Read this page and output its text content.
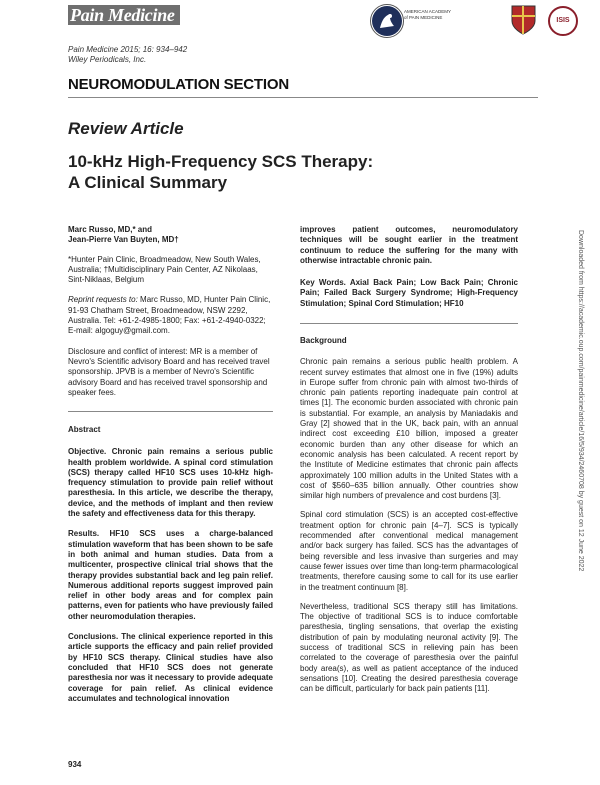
Pain Medicine	AMERICAN ACADEMY of PAIN MEDICINE	ISIS
Pain Medicine 2015; 16: 934–942
Wiley Periodicals, Inc.
NEUROMODULATION SECTION
Review Article
10-kHz High-Frequency SCS Therapy:
A Clinical Summary

Marc Russo, MD,* and

Jean-Pierre Van Buyten, MD†

*Hunter Pain Clinic, Broadmeadow, New South Wales, Australia; †Multidisciplinary Pain Center, AZ Nikolaas, Sint-Niklaas, Belgium

Reprint requests to: Marc Russo, MD, Hunter Pain Clinic, 91-93 Chatham Street, Broadmeadow, NSW 2292, Australia. Tel: +61-2-4985-1800; Fax: +61-2-4940-0322; E-mail: algoguy@gmail.com.

Disclosure and conflict of interest: MR is a member of Nevro's Scientific advisory Board and has received travel sponsorship. JPVB is a member of Nevro's Scientific advisory Board and has received travel sponsorship and speaker fees.

Abstract

Objective. Chronic pain remains a serious public health problem worldwide. A spinal cord stimulation (SCS) therapy called HF10 SCS uses 10-kHz high-frequency stimulation to provide pain relief without paresthesia. In this article, we describe the therapy, device, and the methods of implant and then review the safety and effectiveness data for this therapy.

Results. HF10 SCS uses a charge-balanced stimulation waveform that has been shown to be safe in both animal and human studies. Data from a multicenter, prospective clinical trial shows that the therapy provides substantial back and leg pain relief. Numerous additional reports suggest improved pain relief in other body areas and for complex pain patterns, even for patients who have previously failed other neuromodulation therapies.

Conclusions. The clinical experience reported in this article supports the efficacy and pain relief provided by HF10 SCS therapy. Clinical studies have also concluded that HF10 SCS does not generate paresthesia nor was it necessary to provide adequate coverage for pain relief. As clinical evidence accumulates and technological innovation

improves patient outcomes, neuromodulatory techniques will be sought earlier in the treatment continuum to reduce the suffering for the many with otherwise intractable chronic pain.

Key Words. Axial Back Pain; Low Back Pain; Chronic Pain; Failed Back Surgery Syndrome; High-Frequency Stimulation; Spinal Cord Stimulation; HF10

Background

Chronic pain remains a serious public health problem. A recent survey estimates that almost one in five (19%) adults in Europe suffer from chronic pain with almost two-thirds of chronic pain patients reporting inadequate pain control at times [1]. The economic burden associated with chronic pain is substantial. For example, an analysis by Maniadakis and Gray [2] showed that in the UK, back pain, with an annual indirect cost exceeding £10 billion, imposed a greater economic burden than any other disease for which an economic analysis has been calculated. A recent report by the Institute of Medicine estimates that chronic pain affects approximately 100 million adults in the United States with a cost of $560–635 billion annually. Other countries show similar high numbers of prevalence and cost burdens [3].

Spinal cord stimulation (SCS) is an accepted cost-effective treatment option for chronic pain [4–7]. SCS is typically recommended after conventional medical management and/or back surgery has failed. SCS has the advantages of being reversible and less invasive than surgeries and may cause fewer issues over time than long-term pharmacological treatments, therefore causing some to call for its use earlier in the treatment continuum [8].

Nevertheless, traditional SCS therapy still has limitations. The objective of traditional SCS is to induce comfortable paresthesia, tingling sensations, that overlap the existing distribution of pain by modulating neuronal activity [9]. The success of traditional SCS in relieving pain has been correlated to the coverage of paresthesia over the painful body area(s), as well as patient acceptance of the induced sensations [10]. Creating the desired paresthesia coverage can be difficult, particularly for back pain patients [11].

934
Downloaded from https://academic.oup.com/painmedicine/article/16/5/934/2460708 by guest on 12 June 2022
